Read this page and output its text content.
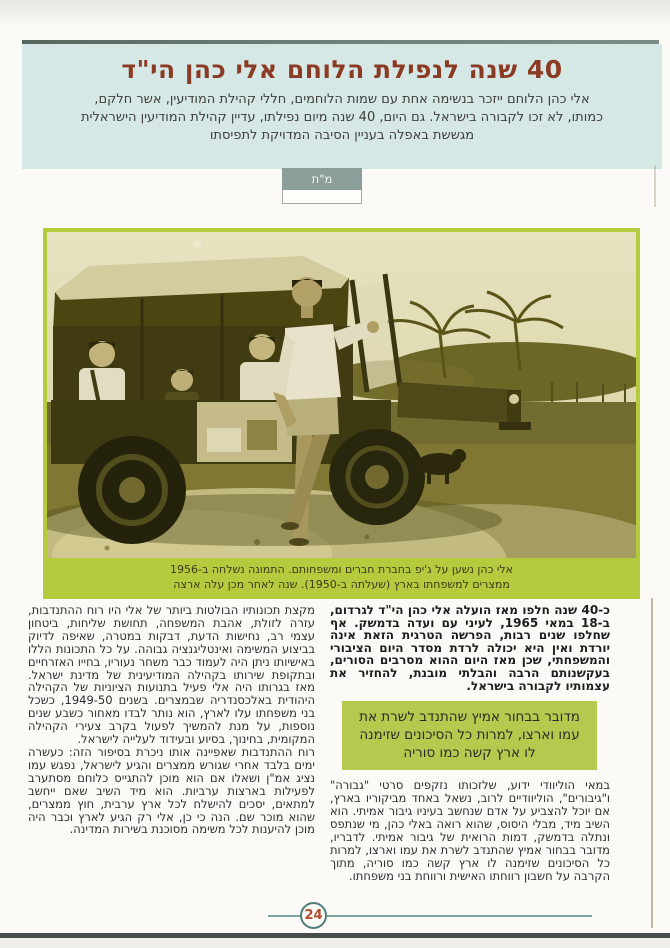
40 שנה לנפילת הלוחם אלי כהן הי"ד
אלי כהן הלוחם ייזכר בנשימה אחת עם שמות הלוחמים, חללי קהילת המודיעין, אשר חלקם,
כמותו, לא זכו לקבורה בישראל. גם היום, 40 שנה מיום נפילתו, עדיין קהילת המודיעין הישראלית
מגששת באפלה בעניין הסיבה המדויקת לתפיסתו
מ"ת
אלי כהן נשען על ג'יפ בחברת חברים ומשפחותם. התמונה נשלחה ב-1956
ממצרים למשפחתו בארץ (שעלתה ב-1950). שנה לאחר מכן עלה ארצה

כ-40 שנה חלפו מאז הועלה אלי כהן הי"ד לגרדום, ב-18 במאי 1965, לעיני עם ועדה בדמשק. אף שחלפו שנים רבות, הפרשה הטרגית הזאת אינה יורדת ואין היא יכולה לרדת מסדר היום הציבורי והמשפחתי, שכן מאז היום ההוא מסרבים הסורים, בעקשנותם הרבה והבלתי מובנת, להחזיר את עצמותיו לקבורה בישראל.

מדובר בבחור אמיץ שהתנדב לשרת את עמו וארצו, למרות כל הסיכונים שזימנה לו ארץ קשה כמו סוריה

במאי הוליוודי ידוע, שלזכותו נזקפים סרטי "גבורה" ו"גיבורים", הוליוודיים לרוב, נשאל באחד מביקוריו בארץ, אם יוכל להצביע על אדם שנחשב בעיניו גיבור אמיתי. הוא השיב מיד, מבלי היסוס, שהוא רואה באלי כהן, מי שנתפס ונתלה בדמשק, דמות הרואית של גיבור אמיתי. לדבריו, מדובר בבחור אמיץ שהתנדב לשרת את עמו וארצו, למרות כל הסיכונים שזימנה לו ארץ קשה כמו סוריה, מתוך הקרבה על חשבון רווחתו האישית ורווחת בני משפחתו.

מקצת תכונותיו הבולטות ביותר של אלי היו רוח ההתנדבות, עזרה לזולת, אהבת המשפחה, תחושת שליחות, ביטחון עצמי רב, נחישות הדעת, דבקות במטרה, שאיפה לדיוק בביצוע המשימה ואינטליגנציה גבוהה. על כל התכונות הללו באישיותו ניתן היה לעמוד כבר משחר נעוריו, בחייו האזרחיים ובתקופת שירותו בקהילה המודיעינית של מדינת ישראל. מאז בגרותו היה אלי פעיל בתנועות הציוניות של הקהילה היהודית באלכסנדריה שבמצרים. בשנים 1949-50, כשכל בני משפחתו עלו לארץ, הוא נותר לבדו מאחור כשבע שנים נוספות, על מנת להמשיך לפעול בקרב צעירי הקהילה המקומית, בחינוך, בסיוע ובעידוד לעלייה לישראל.

רוח ההתנדבות שאפיינה אותו ניכרת בסיפור הזה: כעשרה ימים בלבד אחרי שגורש ממצרים והגיע לישראל, נפגש עמו נציג אמ"ן ושאלו אם הוא מוכן להתגייס כלוחם מסתערב לפעילות בארצות ערביות. הוא מיד השיב שאם ייחשב למתאים, יסכים להישלח לכל ארץ ערבית, חוץ ממצרים, שהוא מוכר שם. הנה כי כן, אלי רק הגיע לארץ וכבר היה מוכן להיענות לכל משימה מסוכנת בשירות המדינה.

24
